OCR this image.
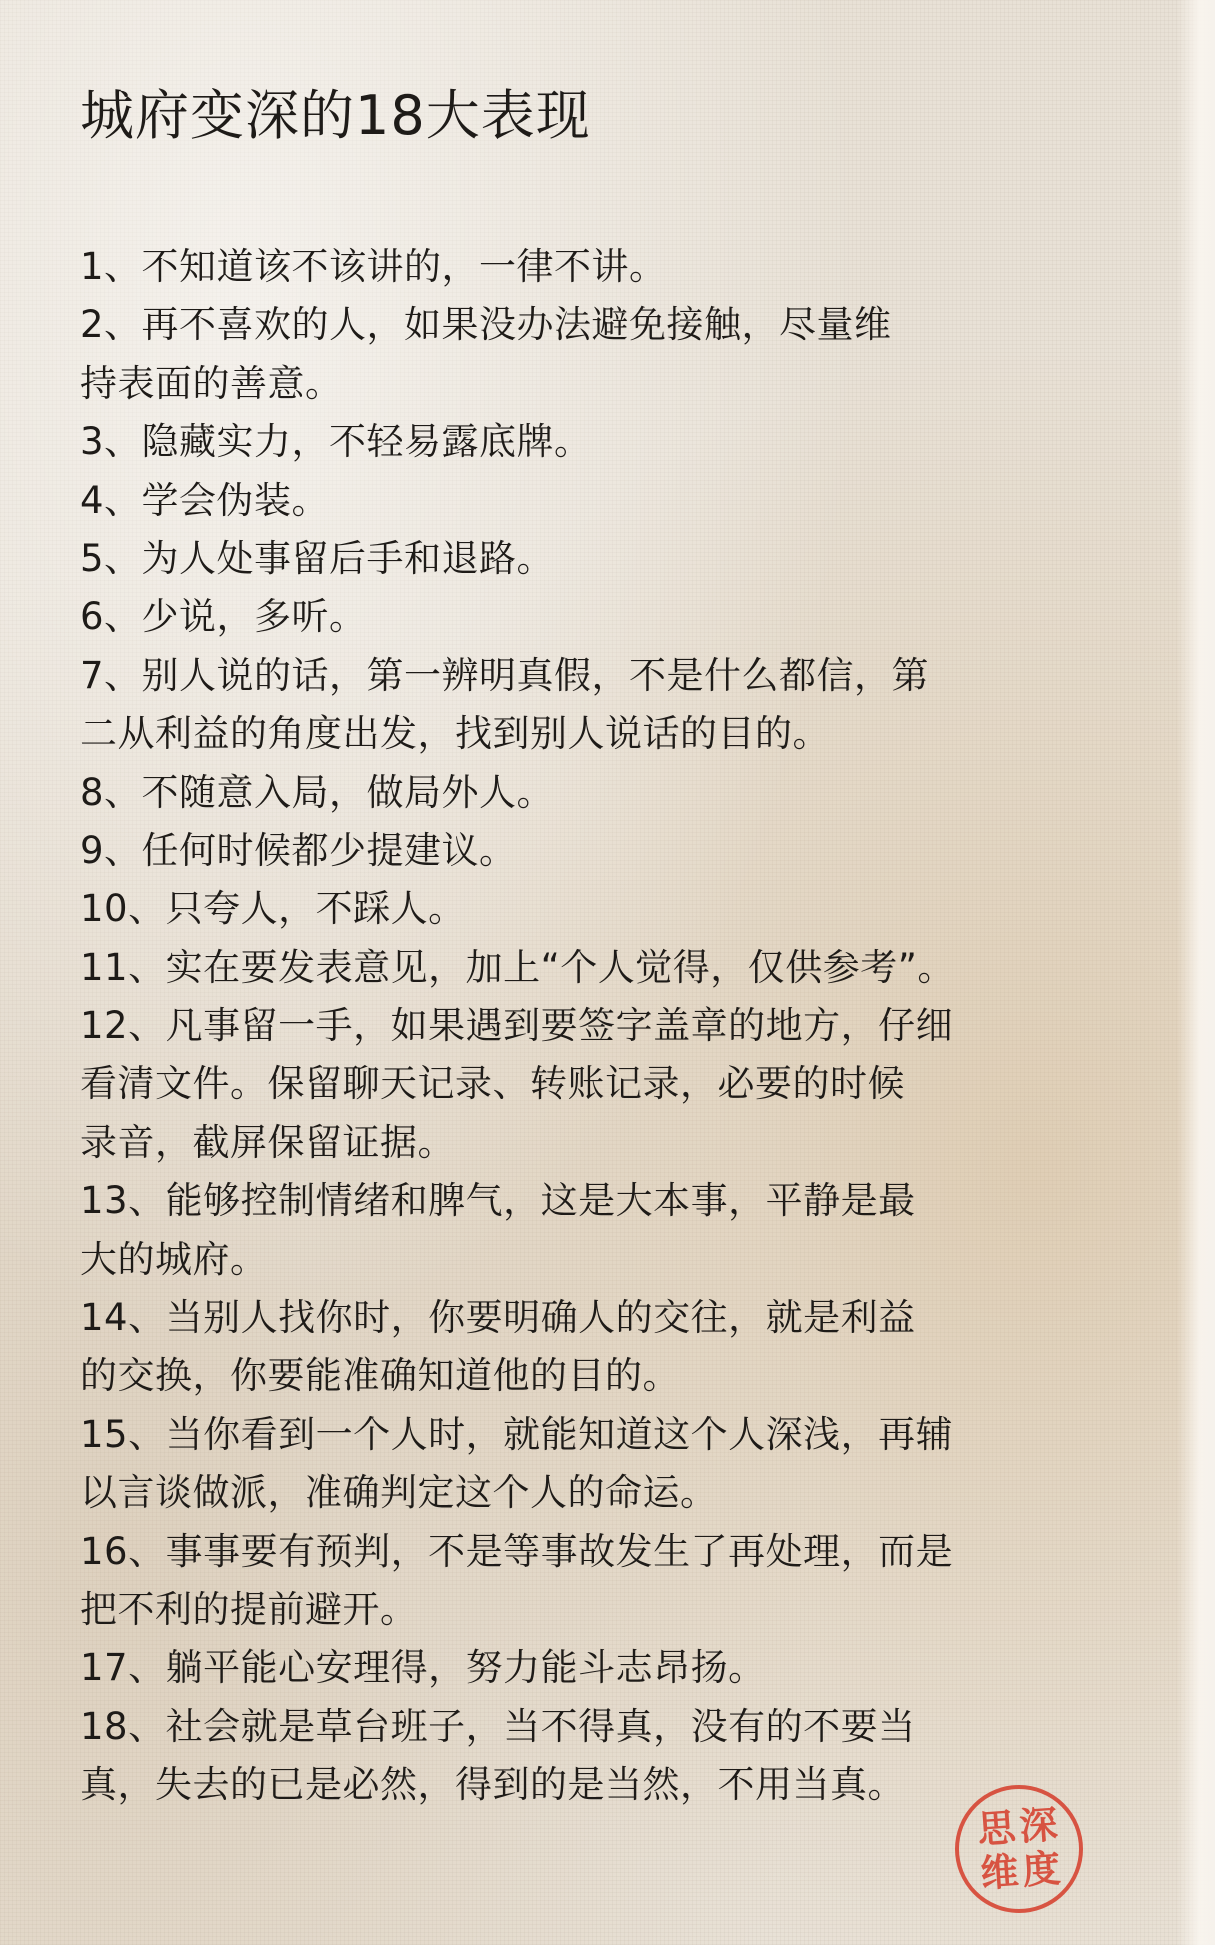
城府变深的18大表现
1、不知道该不该讲的，一律不讲。
2、再不喜欢的人，如果没办法避免接触，尽量维
持表面的善意。
3、隐藏实力，不轻易露底牌。
4、学会伪装。
5、为人处事留后手和退路。
6、少说，多听。
7、别人说的话，第一辨明真假，不是什么都信，第
二从利益的角度出发，找到别人说话的目的。
8、不随意入局，做局外人。
9、任何时候都少提建议。
10、只夸人，不踩人。
11、实在要发表意见，加上“个人觉得，仅供参考”。
12、凡事留一手，如果遇到要签字盖章的地方，仔细
看清文件。保留聊天记录、转账记录，必要的时候
录音，截屏保留证据。
13、能够控制情绪和脾气，这是大本事，平静是最
大的城府。
14、当别人找你时，你要明确人的交往，就是利益
的交换，你要能准确知道他的目的。
15、当你看到一个人时，就能知道这个人深浅，再辅
以言谈做派，准确判定这个人的命运。
16、事事要有预判，不是等事故发生了再处理，而是
把不利的提前避开。
17、躺平能心安理得，努力能斗志昂扬。
18、社会就是草台班子，当不得真，没有的不要当
真，失去的已是必然，得到的是当然，不用当真。
思 深
维 度
